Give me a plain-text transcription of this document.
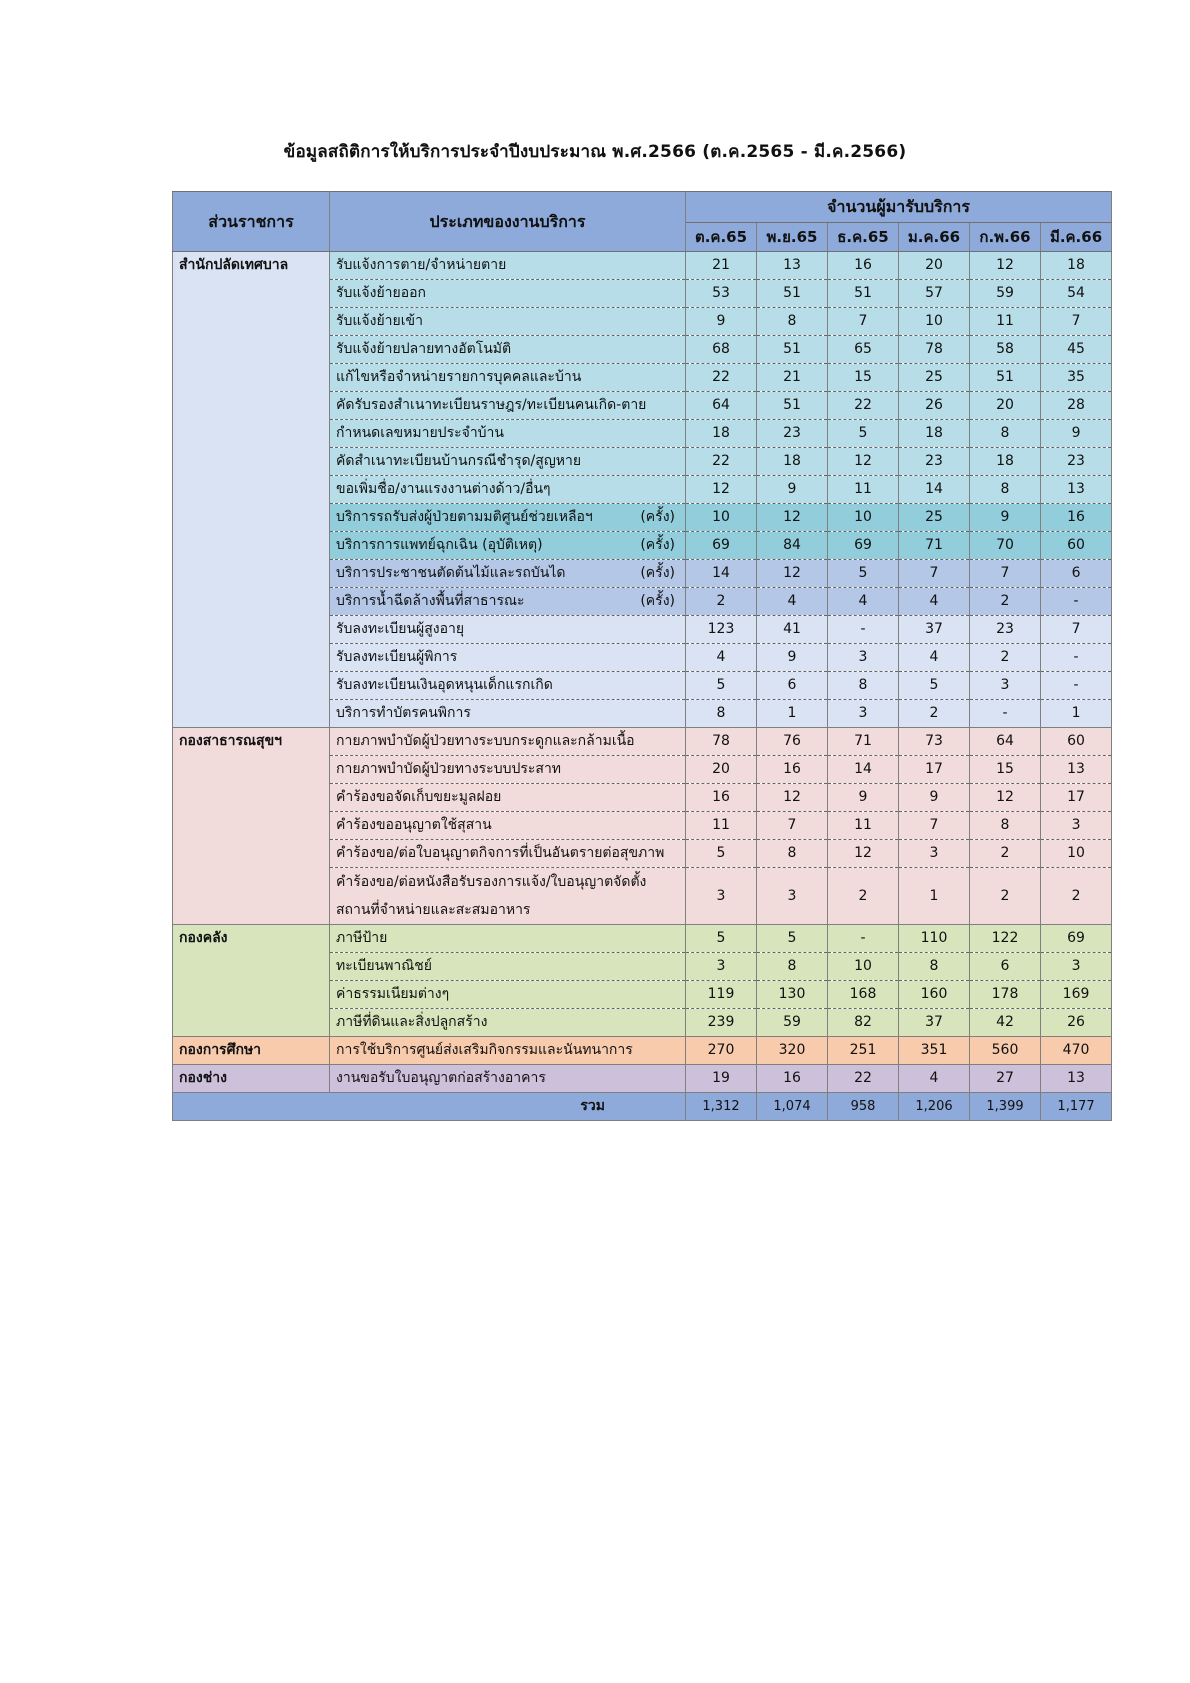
ข้อมูลสถิติการให้บริการประจำปีงบประมาณ พ.ศ.2566 (ต.ค.2565 - มี.ค.2566)
ส่วนราชการ	ประเภทของงานบริการ	จำนวนผู้มารับบริการ					
		ต.ค.65	พ.ย.65	ธ.ค.65	ม.ค.66	ก.พ.66	มี.ค.66
สำนักปลัดเทศบาล	รับแจ้งการตาย/จำหน่ายตาย	21	13	16	20	12	18
	รับแจ้งย้ายออก	53	51	51	57	59	54
	รับแจ้งย้ายเข้า	9	8	7	10	11	7
	รับแจ้งย้ายปลายทางอัตโนมัติ	68	51	65	78	58	45
	แก้ไขหรือจำหน่ายรายการบุคคลและบ้าน	22	21	15	25	51	35
	คัดรับรองสำเนาทะเบียนราษฎร/ทะเบียนคนเกิด-ตาย	64	51	22	26	20	28
	กำหนดเลขหมายประจำบ้าน	18	23	5	18	8	9
	คัดสำเนาทะเบียนบ้านกรณีชำรุด/สูญหาย	22	18	12	23	18	23
	ขอเพิ่มชื่อ/งานแรงงานต่างด้าว/อื่นๆ	12	9	11	14	8	13
	บริการรถรับส่งผู้ป่วยตามมติศูนย์ช่วยเหลือฯ (ครั้ง)	10	12	10	25	9	16
	บริการการแพทย์ฉุกเฉิน (อุบัติเหตุ) (ครั้ง)	69	84	69	71	70	60
	บริการประชาชนตัดต้นไม้และรถบันได (ครั้ง)	14	12	5	7	7	6
	บริการน้ำฉีดล้างพื้นที่สาธารณะ (ครั้ง)	2	4	4	4	2	-
	รับลงทะเบียนผู้สูงอายุ	123	41	-	37	23	7
	รับลงทะเบียนผู้พิการ	4	9	3	4	2	-
	รับลงทะเบียนเงินอุดหนุนเด็กแรกเกิด	5	6	8	5	3	-
	บริการทำบัตรคนพิการ	8	1	3	2	-	1
กองสาธารณสุขฯ	กายภาพบำบัดผู้ป่วยทางระบบกระดูกและกล้ามเนื้อ	78	76	71	73	64	60
	กายภาพบำบัดผู้ป่วยทางระบบประสาท	20	16	14	17	15	13
	คำร้องขอจัดเก็บขยะมูลฝอย	16	12	9	9	12	17
	คำร้องขออนุญาตใช้สุสาน	11	7	11	7	8	3
	คำร้องขอ/ต่อใบอนุญาตกิจการที่เป็นอันตรายต่อสุขภาพ	5	8	12	3	2	10
	คำร้องขอ/ต่อหนังสือรับรองการแจ้ง/ใบอนุญาตจัดตั้งสถานที่จำหน่ายและสะสมอาหาร	3	3	2	1	2	2
กองคลัง	ภาษีป้าย	5	5	-	110	122	69
	ทะเบียนพาณิชย์	3	8	10	8	6	3
	ค่าธรรมเนียมต่างๆ	119	130	168	160	178	169
	ภาษีที่ดินและสิ่งปลูกสร้าง	239	59	82	37	42	26
กองการศึกษา	การใช้บริการศูนย์ส่งเสริมกิจกรรมและนันทนาการ	270	320	251	351	560	470
กองช่าง	งานขอรับใบอนุญาตก่อสร้างอาคาร	19	16	22	4	27	13
รวม		1,312	1,074	958	1,206	1,399	1,177
